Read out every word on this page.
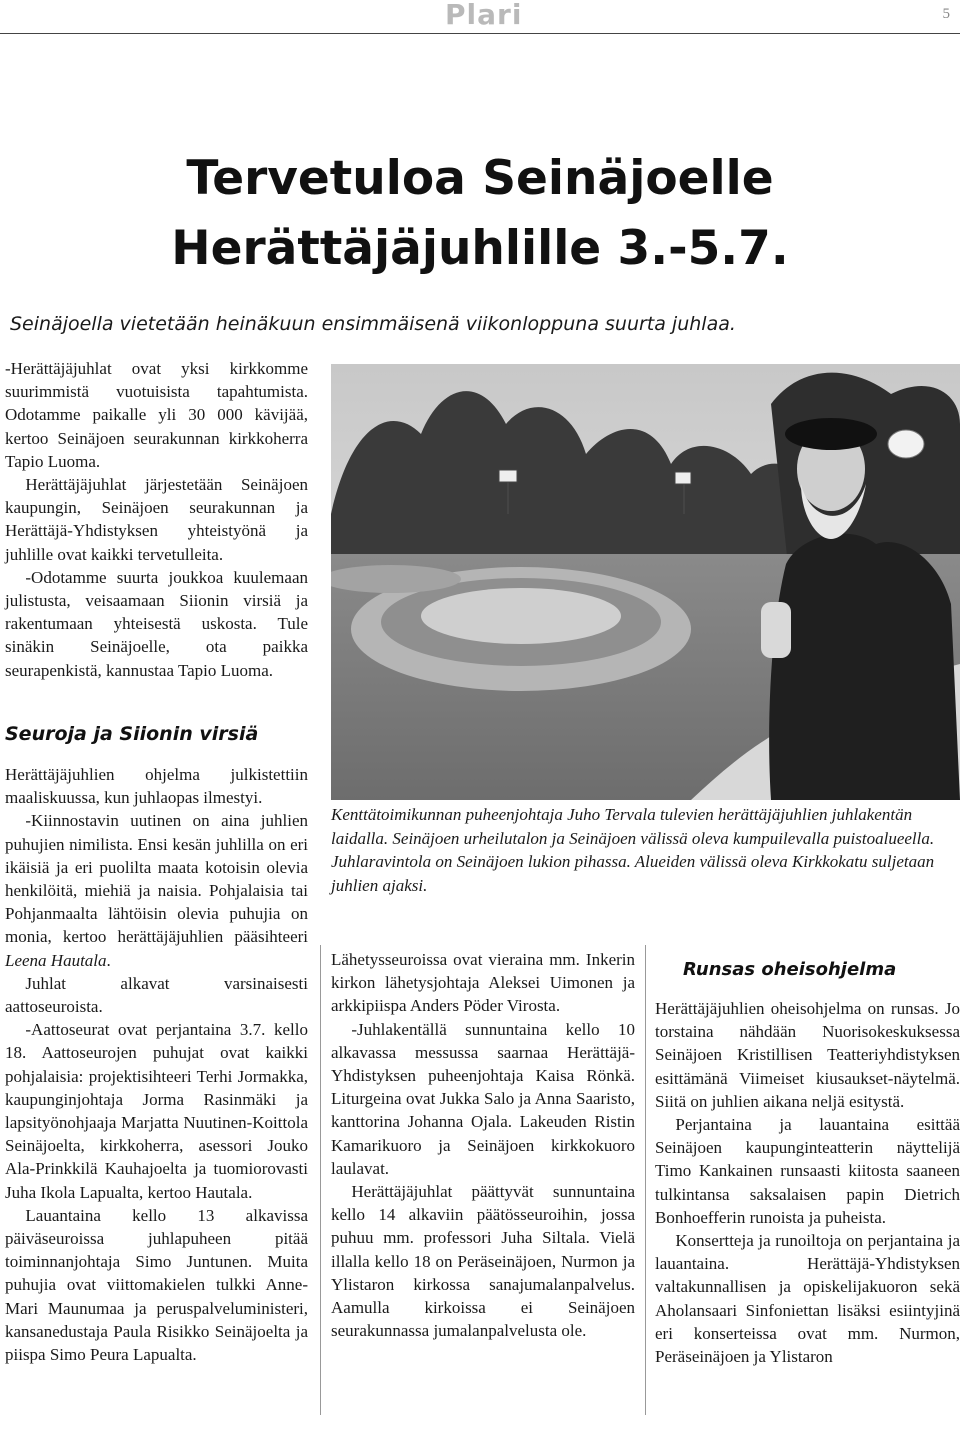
Plari	5
Tervetuloa Seinäjoelle
Herättäjäjuhlille 3.-5.7.
Seinäjoella vietetään heinäkuun ensimmäisenä viikonloppuna suurta juhlaa.

-Herättäjäjuhlat ovat yksi kirkkomme suurimmistä vuotuisista tapahtumista. Odotamme paikalle yli 30 000 kävijää, kertoo Seinäjoen seurakunnan kirkkoherra Tapio Luoma.

Herättäjäjuhlat järjestetään Seinäjoen kaupungin, Seinäjoen seurakunnan ja Herättäjä-Yhdistyksen yhteistyönä ja juhlille ovat kaikki tervetulleita.

-Odotamme suurta joukkoa kuulemaan julistusta, veisaamaan Siionin virsiä ja rakentumaan yhteisestä uskosta. Tule sinäkin Seinäjoelle, ota paikka seurapenkistä, kannustaa Tapio Luoma.

Seuroja ja Siionin virsiä

Herättäjäjuhlien ohjelma julkistettiin maaliskuussa, kun juhlaopas ilmestyi.

-Kiinnostavin uutinen on aina juhlien puhujien nimilista. Ensi kesän juhlilla on eri ikäisiä ja eri puolilta maata kotoisin olevia henkilöitä, miehiä ja naisia. Pohjalaisia tai Pohjanmaalta lähtöisin olevia puhujia on monia, kertoo herättäjäjuhlien pääsihteeri Leena Hautala.

Juhlat alkavat varsinaisesti aattoseuroista.

-Aattoseurat ovat perjantaina 3.7. kello 18. Aattoseurojen puhujat ovat kaikki pohjalaisia: projektisihteeri Terhi Jormakka, kaupunginjohtaja Jorma Rasinmäki ja lapsityönohjaaja Marjatta Nuutinen-Koittola Seinäjoelta, kirkkoherra, asessori Jouko Ala-Prinkkilä Kauhajoelta ja tuomiorovasti Juha Ikola Lapualta, kertoo Hautala.

Lauantaina kello 13 alkavissa päiväseuroissa juhlapuheen pitää toiminnanjohtaja Simo Juntunen. Muita puhujia ovat viittomakielen tulkki Anne-Mari Maunumaa ja peruspalveluministeri, kansanedustaja Paula Risikko Seinäjoelta ja piispa Simo Peura Lapualta.

Kenttätoimikunnan puheenjohtaja Juho Tervala tulevien herättäjäjuhlien juhlakentän laidalla. Seinäjoen urheilutalon ja Seinäjoen välissä oleva kumpuilevalla puistoalueella. Juhlaravintola on Seinäjoen lukion pihassa. Alueiden välissä oleva Kirkkokatu suljetaan juhlien ajaksi.

Lähetysseuroissa ovat vieraina mm. Inkerin kirkon lähetysjohtaja Aleksei Uimonen ja arkkipiispa Anders Pöder Virosta.

-Juhlakentällä sunnuntaina kello 10 alkavassa messussa saarnaa Herättäjä-Yhdistyksen puheenjohtaja Kaisa Rönkä. Liturgeina ovat Jukka Salo ja Anna Saaristo, kanttorina Johanna Ojala. Lakeuden Ristin Kamarikuoro ja Seinäjoen kirkkokuoro laulavat.

Herättäjäjuhlat päättyvät sunnuntaina kello 14 alkaviin päätösseuroihin, jossa puhuu mm. professori Juha Siltala. Vielä illalla kello 18 on Peräseinäjoen, Nurmon ja Ylistaron kirkossa sanajumalanpalvelus. Aamulla kirkoissa ei Seinäjoen seurakunnassa jumalanpalvelusta ole.

Runsas oheisohjelma

Herättäjäjuhlien oheisohjelma on runsas. Jo torstaina nähdään Nuorisokeskuksessa Seinäjoen Kristillisen Teatteriyhdistyksen esittämänä Viimeiset kiusaukset-näytelmä. Siitä on juhlien aikana neljä esitystä.

Perjantaina ja lauantaina esittää Seinäjoen kaupunginteatterin näyttelijä Timo Kankainen runsaasti kiitosta saaneen tulkintansa saksalaisen papin Dietrich Bonhoefferin runoista ja puheista.

Konsertteja ja runoiltoja on perjantaina ja lauantaina. Herättäjä-Yhdistyksen valtakunnallisen ja opiskelijakuoron sekä Aholansaari Sinfoniettan lisäksi esiintyjinä eri konserteissa ovat mm. Nurmon, Peräseinäjoen ja Ylistaron
